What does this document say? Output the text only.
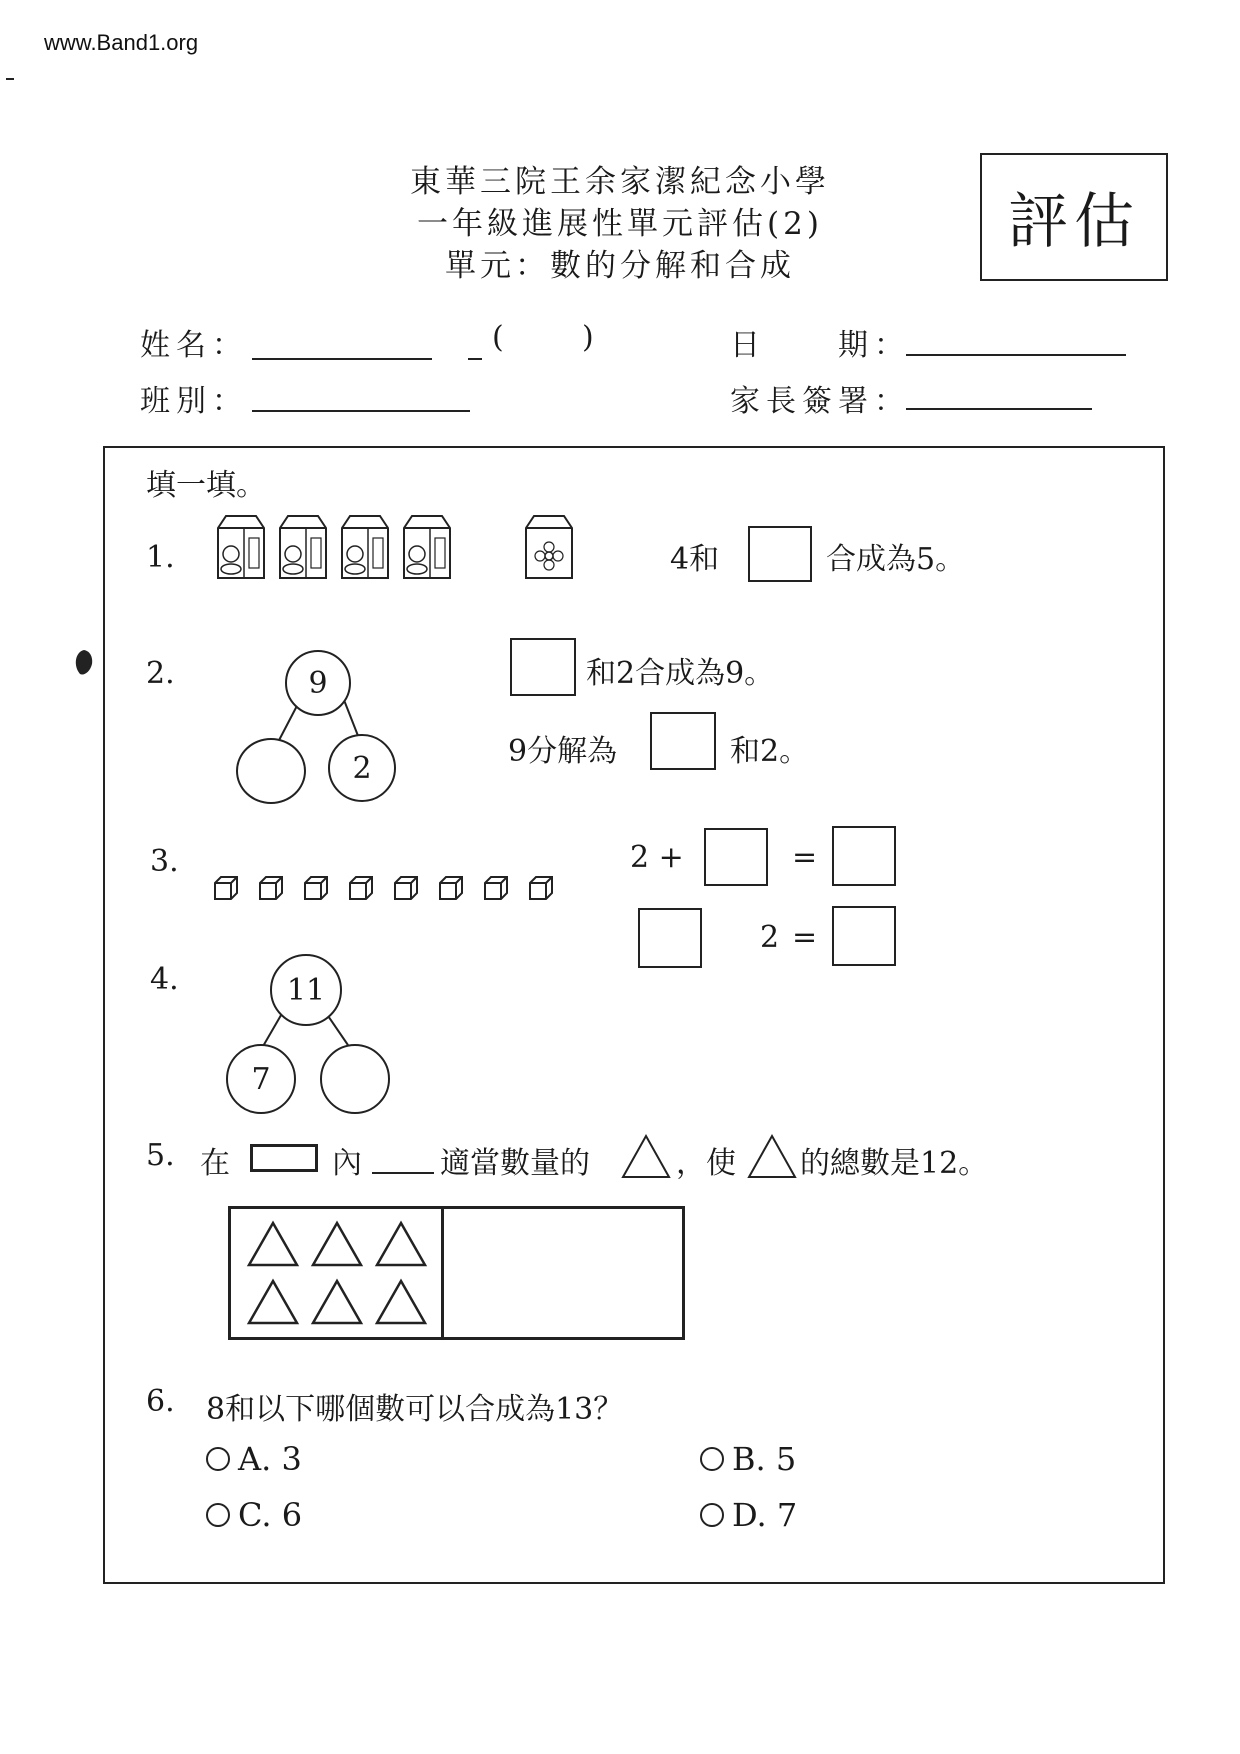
www.Band1.org
東華三院王余家潔紀念小學
一年級進展性單元評估(2)
單元：數的分解和合成
評估
姓名：	( )	日　　期：
班別：	家長簽署：
填一填。
1.	4和	合成為5。
2.	9
2
和2合成為9。
9分解為	和2。
3.	2 +	=
2 =
4.	11
7
5. 在	內	適當數量的	，使 的總數是12。
6. 8和以下哪個數可以合成為13？
A. 3	B. 5
C. 6	D. 7
